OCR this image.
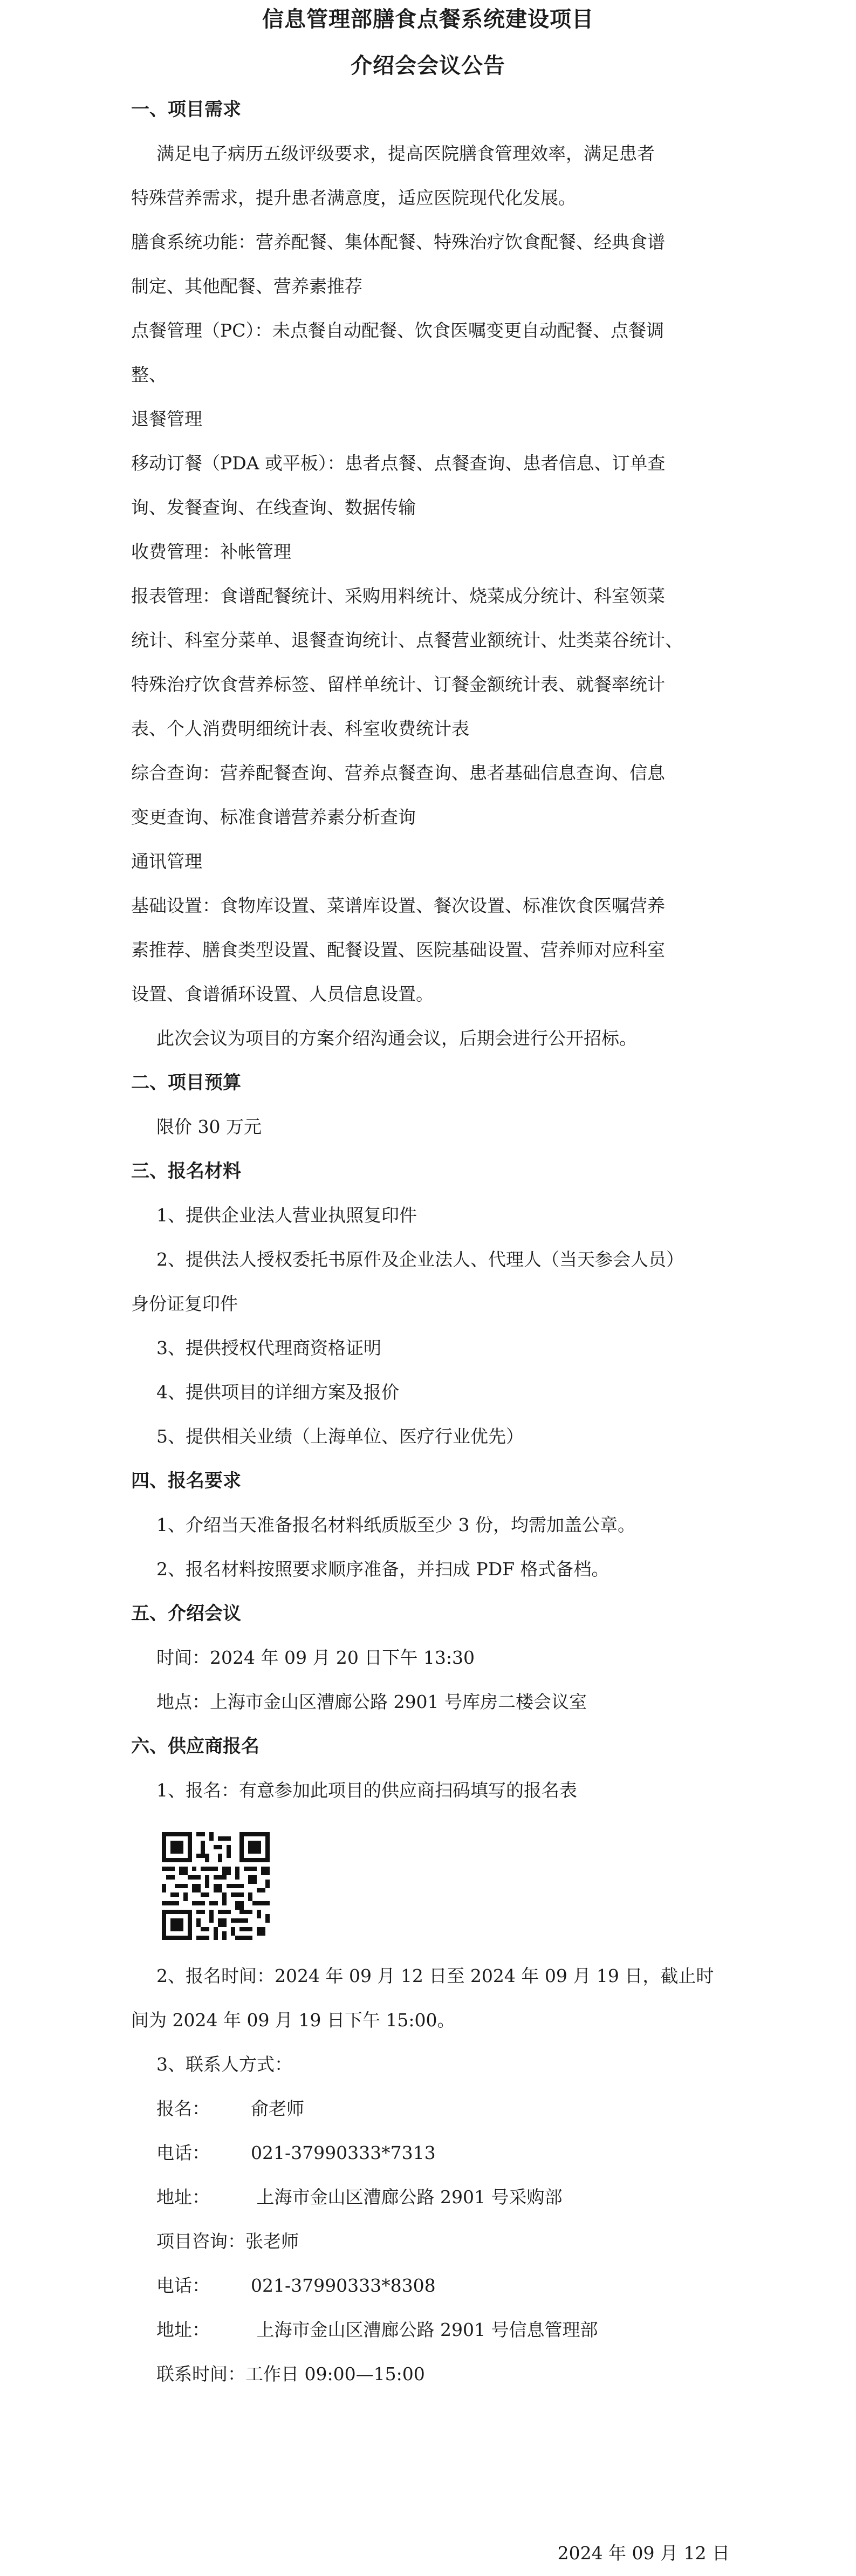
信息管理部膳食点餐系统建设项目
介绍会会议公告
一、项目需求
满足电子病历五级评级要求，提高医院膳食管理效率，满足患者
特殊营养需求，提升患者满意度，适应医院现代化发展。
膳食系统功能：营养配餐、集体配餐、特殊治疗饮食配餐、经典食谱
制定、其他配餐、营养素推荐
点餐管理（PC）：未点餐自动配餐、饮食医嘱变更自动配餐、点餐调
整、
退餐管理
移动订餐（PDA 或平板）：患者点餐、点餐查询、患者信息、订单查
询、发餐查询、在线查询、数据传输
收费管理：补帐管理
报表管理：食谱配餐统计、采购用料统计、烧菜成分统计、科室领菜
统计、科室分菜单、退餐查询统计、点餐营业额统计、灶类菜谷统计、
特殊治疗饮食营养标签、留样单统计、订餐金额统计表、就餐率统计
表、个人消费明细统计表、科室收费统计表
综合查询：营养配餐查询、营养点餐查询、患者基础信息查询、信息
变更查询、标准食谱营养素分析查询
通讯管理
基础设置：食物库设置、菜谱库设置、餐次设置、标准饮食医嘱营养
素推荐、膳食类型设置、配餐设置、医院基础设置、营养师对应科室
设置、食谱循环设置、人员信息设置。
此次会议为项目的方案介绍沟通会议，后期会进行公开招标。
二、项目预算
限价 30 万元
三、报名材料
1、提供企业法人营业执照复印件
2、提供法人授权委托书原件及企业法人、代理人（当天参会人员）
身份证复印件
3、提供授权代理商资格证明
4、提供项目的详细方案及报价
5、提供相关业绩（上海单位、医疗行业优先）
四、报名要求
1、介绍当天准备报名材料纸质版至少 3 份，均需加盖公章。
2、报名材料按照要求顺序准备，并扫成 PDF 格式备档。
五、介绍会议
时间：2024 年 09 月 20 日下午 13:30
地点：上海市金山区漕廊公路 2901 号库房二楼会议室
六、供应商报名
1、报名：有意参加此项目的供应商扫码填写的报名表
2、报名时间：2024 年 09 月 12 日至 2024 年 09 月 19 日，截止时
间为 2024 年 09 月 19 日下午 15:00。
3、联系人方式：
报名： 俞老师
电话： 021-37990333*7313
地址： 上海市金山区漕廊公路 2901 号采购部
项目咨询：张老师
电话： 021-37990333*8308
地址： 上海市金山区漕廊公路 2901 号信息管理部
联系时间：工作日 09:00—15:00
2024 年 09 月 12 日
